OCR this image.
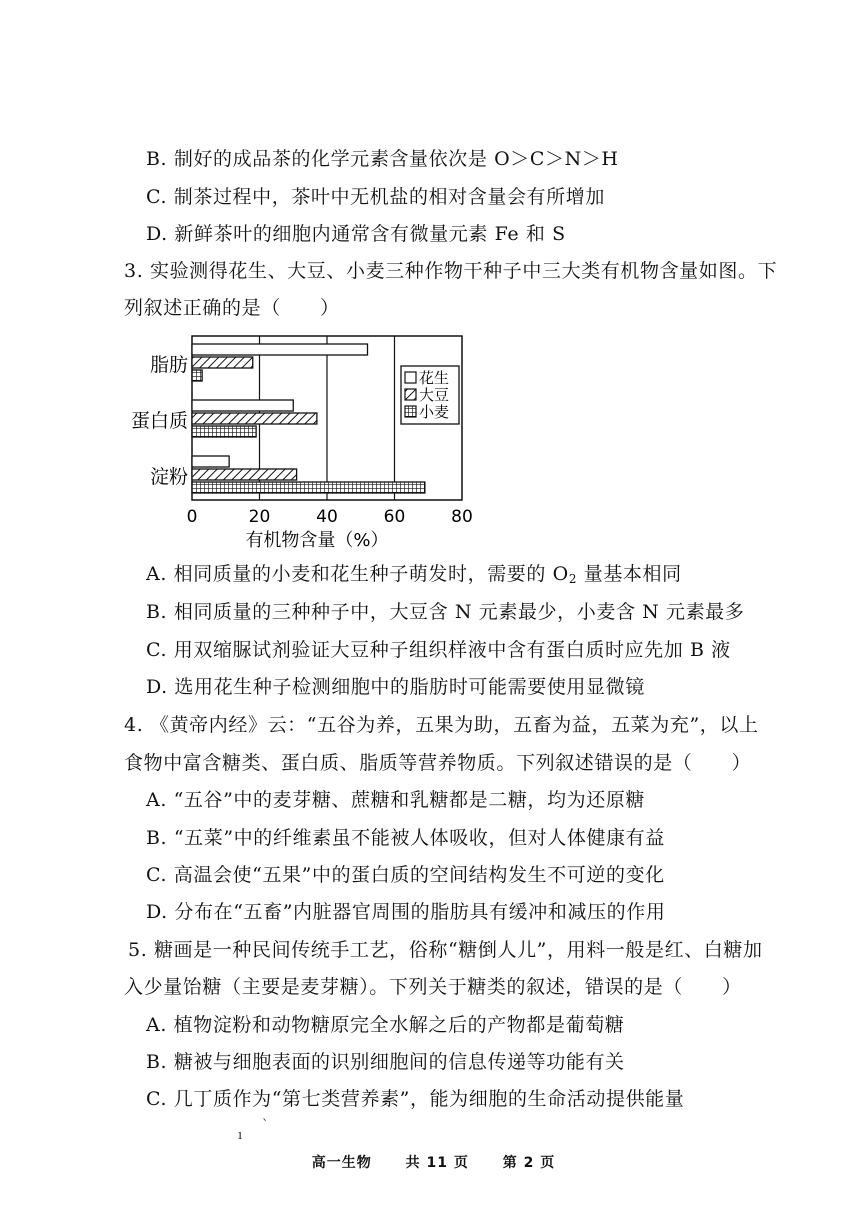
B. 制好的成品茶的化学元素含量依次是 O＞C＞N＞H
C. 制茶过程中，茶叶中无机盐的相对含量会有所增加
D. 新鲜茶叶的细胞内通常含有微量元素 Fe 和 S
3. 实验测得花生、大豆、小麦三种作物干种子中三大类有机物含量如图。下
列叙述正确的是（　　）
0	20	40	60	80
有机物含量（%）
脂肪
蛋白质
淀粉
花生
大豆
小麦
A. 相同质量的小麦和花生种子萌发时，需要的 $O_2$ 量基本相同
B. 相同质量的三种种子中，大豆含 N 元素最少，小麦含 N 元素最多
C. 用双缩脲试剂验证大豆种子组织样液中含有蛋白质时应先加 B 液
D. 选用花生种子检测细胞中的脂肪时可能需要使用显微镜
4. 《黄帝内经》云：“五谷为养，五果为助，五畜为益，五菜为充”，以上
食物中富含糖类、蛋白质、脂质等营养物质。下列叙述错误的是（　　）
A. “五谷”中的麦芽糖、蔗糖和乳糖都是二糖，均为还原糖
B. “五菜”中的纤维素虽不能被人体吸收，但对人体健康有益
C. 高温会使“五果”中的蛋白质的空间结构发生不可逆的变化
D. 分布在“五畜”内脏器官周围的脂肪具有缓冲和减压的作用
5. 糖画是一种民间传统手工艺，俗称“糖倒人儿”，用料一般是红、白糖加
入少量饴糖（主要是麦芽糖）。下列关于糖类的叙述，错误的是（　　）
A. 植物淀粉和动物糖原完全水解之后的产物都是葡萄糖
B. 糖被与细胞表面的识别细胞间的信息传递等功能有关
C. 几丁质作为“第七类营养素”，能为细胞的生命活动提供能量
ı
`
高一生物 共 11 页 第 2 页
